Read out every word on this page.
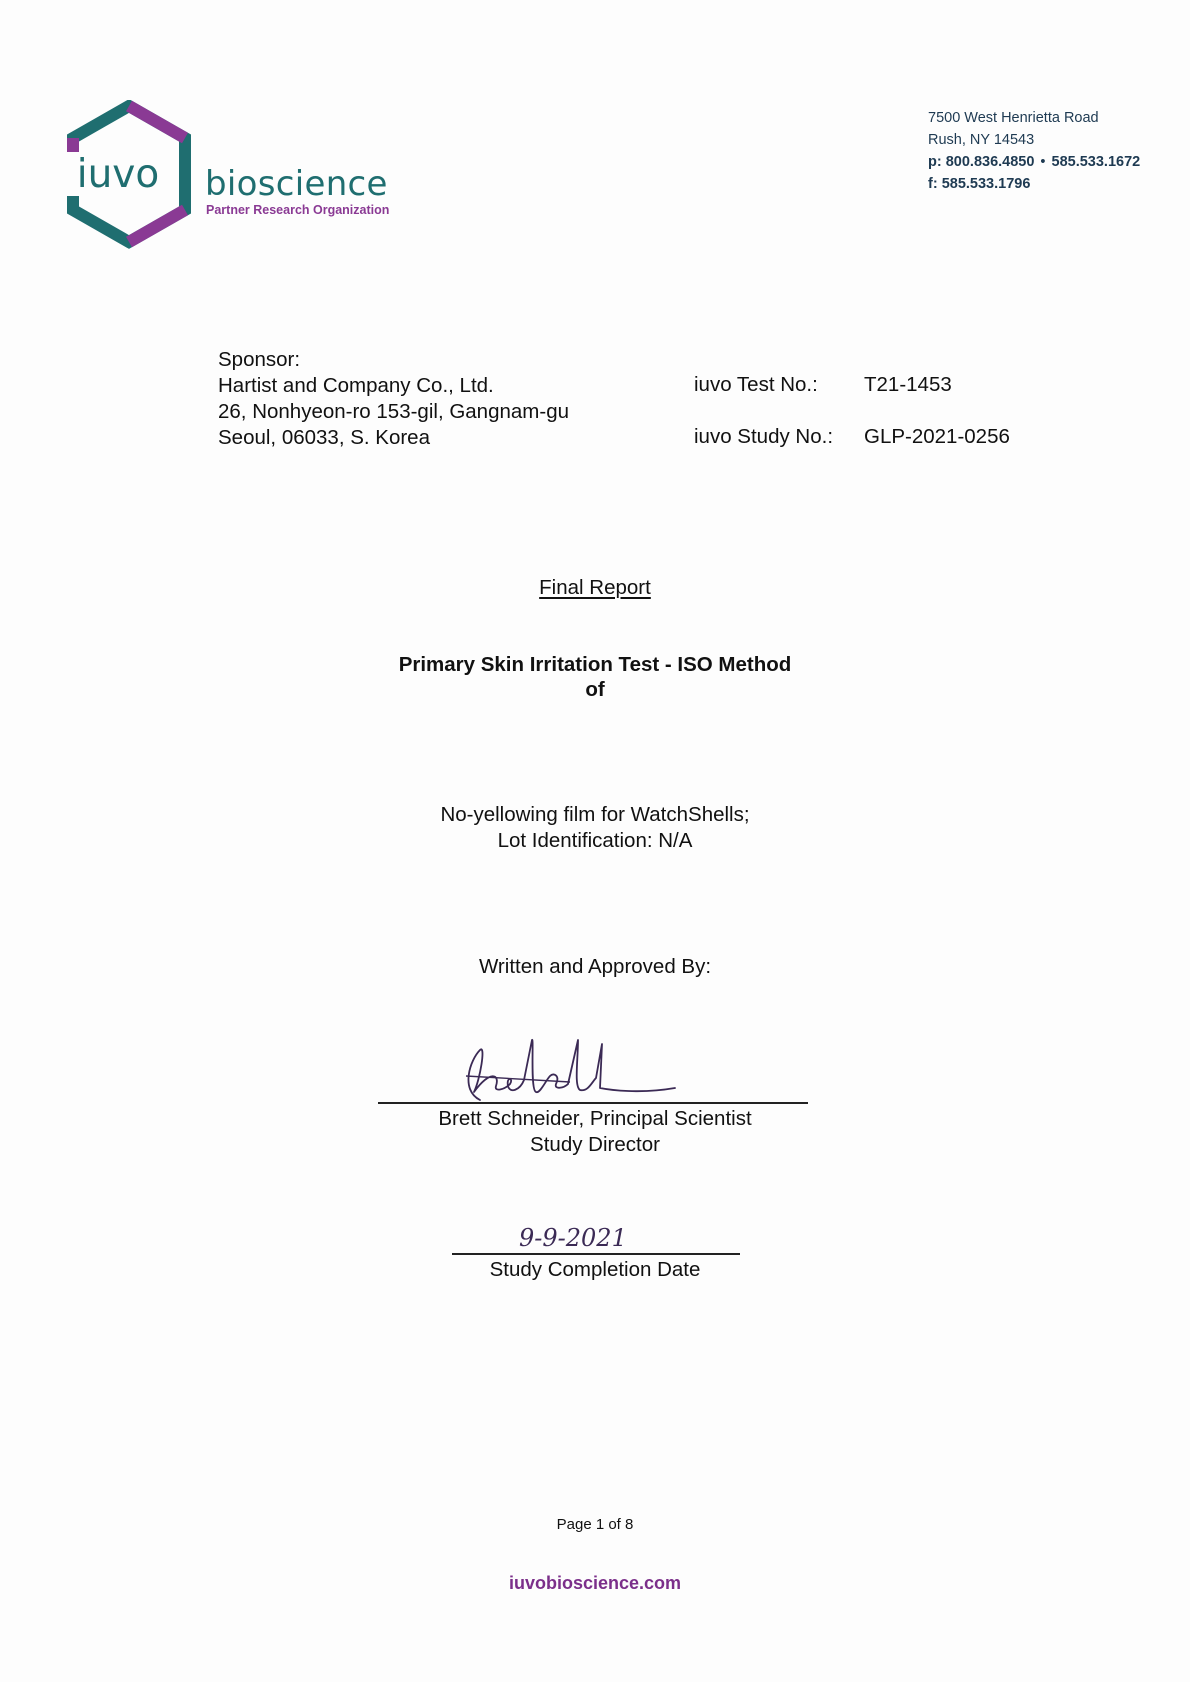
iuvo bioscience
Partner Research Organization
7500 West Henrietta Road
Rush, NY 14543
p: 800.836.4850 • 585.533.1672
f: 585.533.1796
Sponsor:
Hartist and Company Co., Ltd.
26, Nonhyeon-ro 153-gil, Gangnam-gu
Seoul, 06033, S. Korea
iuvo Test No.: T21-1453
iuvo Study No.: GLP-2021-0256
Final Report
Primary Skin Irritation Test - ISO Method
of
No-yellowing film for WatchShells;
Lot Identification: N/A
Written and Approved By:
Brett Schneider, Principal Scientist
Study Director
9-9-2021
Study Completion Date
Page 1 of 8
iuvobioscience.com
